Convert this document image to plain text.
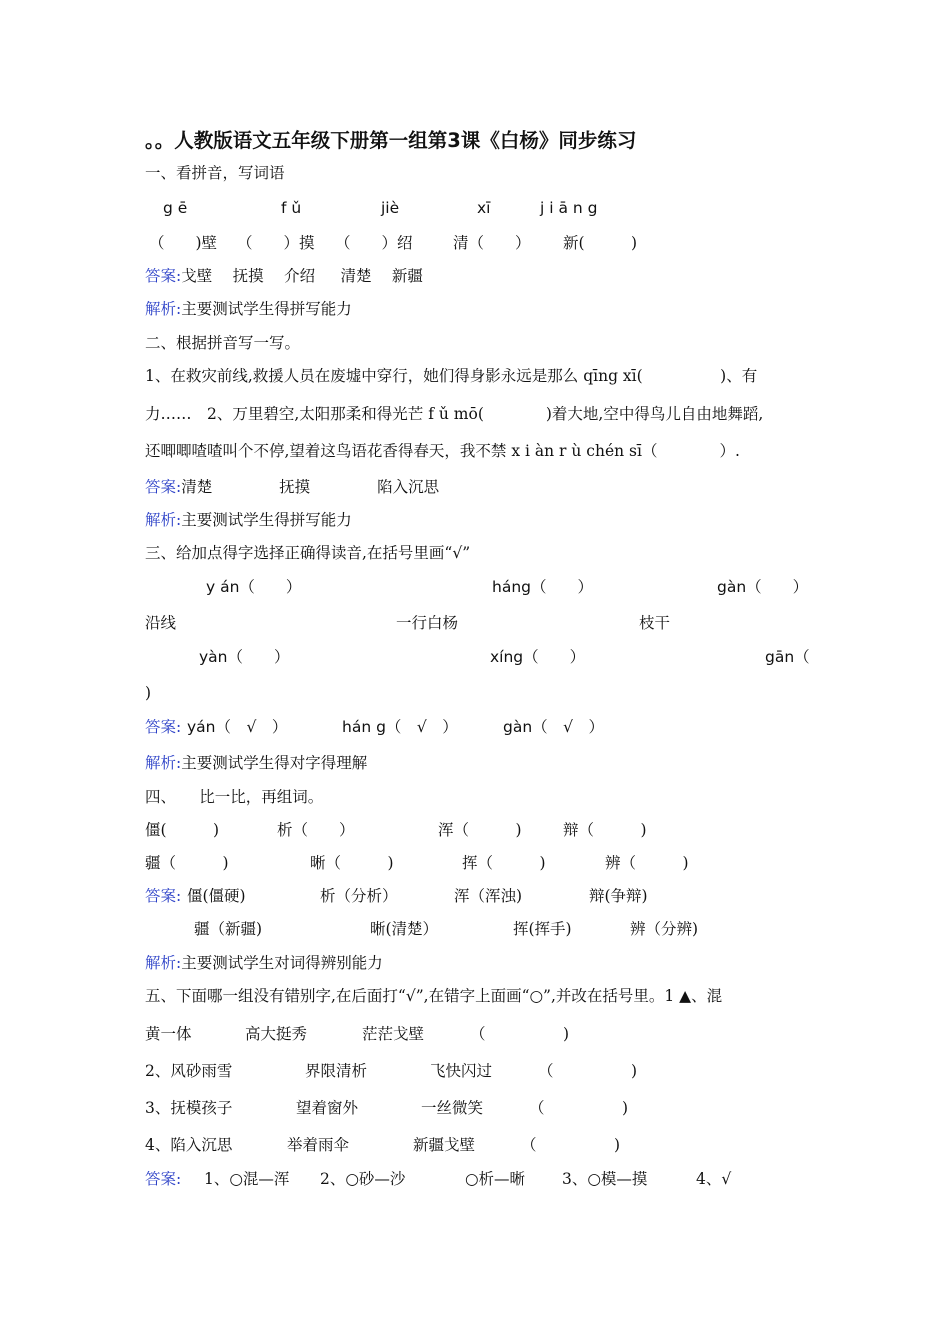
。。人教版语文五年级下册第一组第3课《白杨》同步练习
一、看拼音，写词语
g ē	f ǔ	jiè	xī	j i ā n g
（　　)壁 （　　）摸 （　　）绍	清（　　） 新(　　　)
答案:戈壁　 抚摸　 介绍　  清楚　 新疆
解析:主要测试学生得拼写能力
二、根据拼音写一写。
1、在救灾前线,救援人员在废墟中穿行，她们得身影永远是那么 qīng xī(　　　　　)、有
力……　2、万里碧空,太阳那柔和得光芒 f ǔ mō(　　　　)着大地,空中得鸟儿自由地舞蹈,
还唧唧喳喳叫个不停,望着这鸟语花香得春天，我不禁 x i àn r ù chén sī（　　　　）.
答案:清楚　　　　 抚摸　　　　 陷入沉思
解析:主要测试学生得拼写能力
三、给加点得字选择正确得读音,在括号里画“√”
y án（　　）	háng（　　）	gàn（　　）
沿线	一行白杨	枝干
yàn（　　）	xíng（　　）	gān（
)
答案: yán（　√　）	hán g（　√　）	gàn（　√　）
解析:主要测试学生得对字得理解
四、　　比一比，再组词。
僵(　　　)	析（　　）	浑（　　　)	辩（　　　)
疆（　　　)	晰（　　　)	挥（　　　)	辨（　　　)
答案: 僵(僵硬)	析（分析）	浑（浑浊)	辩(争辩)
疆（新疆)	晰(清楚）	挥(挥手)	辨（分辨)
解析:主要测试学生对词得辨别能力
五、下面哪一组没有错别字,在后面打“√”,在错字上面画“○”,并改在括号里。1 ▲、混
黄一体	高大挺秀	茫茫戈壁	（　　　　　)
2、风砂雨雪	界限清析	飞快闪过	（　　　　　)
3、抚模孩子	望着窗外	一丝微笑	（　　　　　)
4、陷入沉思	举着雨伞	新疆戈壁	（　　　　　)
答案: 1、○混—浑 2、○砂—沙	○析—晰 3、○模—摸	4、√
